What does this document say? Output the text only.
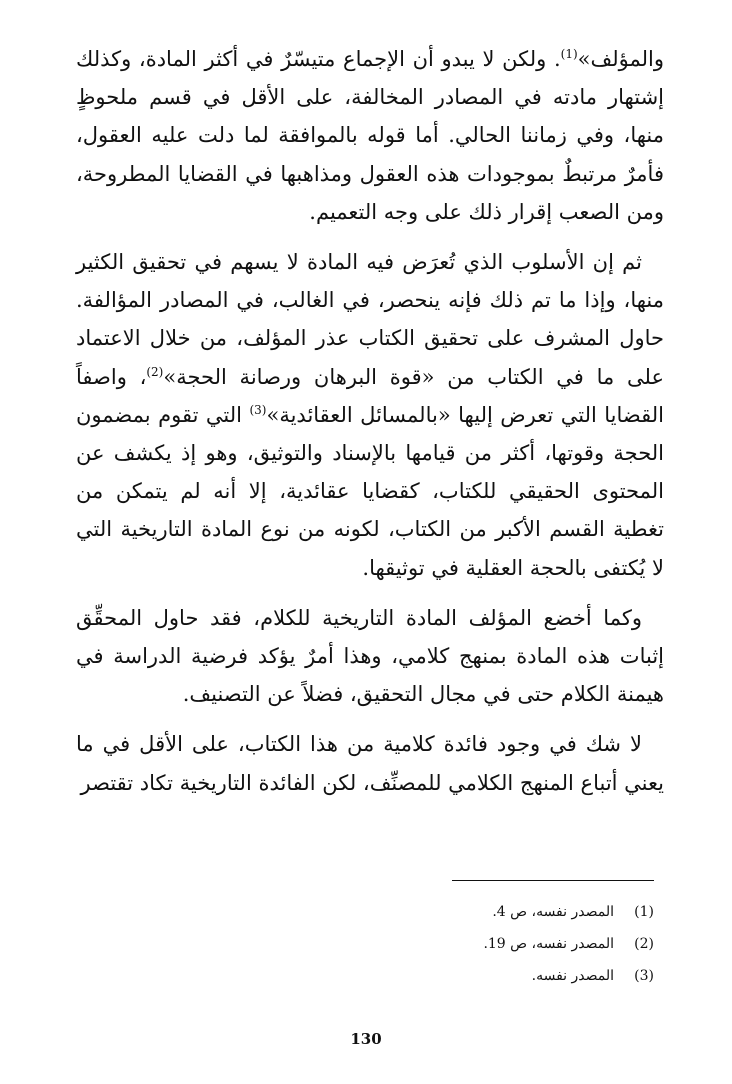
والمؤلف»$^{(1)}$. ولكن لا يبدو أن الإجماع متيسّرٌ في أكثر المادة، وكذلك إشتهار مادته في المصادر المخالفة، على الأقل في قسم ملحوظٍ منها، وفي زماننا الحالي. أما قوله بالموافقة لما دلت عليه العقول، فأمرٌ مرتبطٌ بموجودات هذه العقول ومذاهبها في القضايا المطروحة، ومن الصعب إقرار ذلك على وجه التعميم.

ثم إن الأسلوب الذي تُعرَض فيه المادة لا يسهم في تحقيق الكثير منها، وإذا ما تم ذلك فإنه ينحصر، في الغالب، في المصادر المؤالفة. حاول المشرف على تحقيق الكتاب عذر المؤلف، من خلال الاعتماد على ما في الكتاب من «قوة البرهان ورصانة الحجة»$^{(2)}$، واصفاً القضايا التي تعرض إليها «بالمسائل العقائدية»$^{(3)}$ التي تقوم بمضمون الحجة وقوتها، أكثر من قيامها بالإسناد والتوثيق، وهو إذ يكشف عن المحتوى الحقيقي للكتاب، كقضايا عقائدية، إلا أنه لم يتمكن من تغطية القسم الأكبر من الكتاب، لكونه من نوع المادة التاريخية التي لا يُكتفى بالحجة العقلية في توثيقها.

وكما أخضع المؤلف المادة التاريخية للكلام، فقد حاول المحقِّق إثبات هذه المادة بمنهج كلامي، وهذا أمرٌ يؤكد فرضية الدراسة في هيمنة الكلام حتى في مجال التحقيق، فضلاً عن التصنيف.

لا شك في وجود فائدة كلامية من هذا الكتاب، على الأقل في ما يعني أتباع المنهج الكلامي للمصنِّف، لكن الفائدة التاريخية تكاد تقتصر

(1)المصدر نفسه، ص 4.
(2)المصدر نفسه، ص 19.
(3)المصدر نفسه.
130
